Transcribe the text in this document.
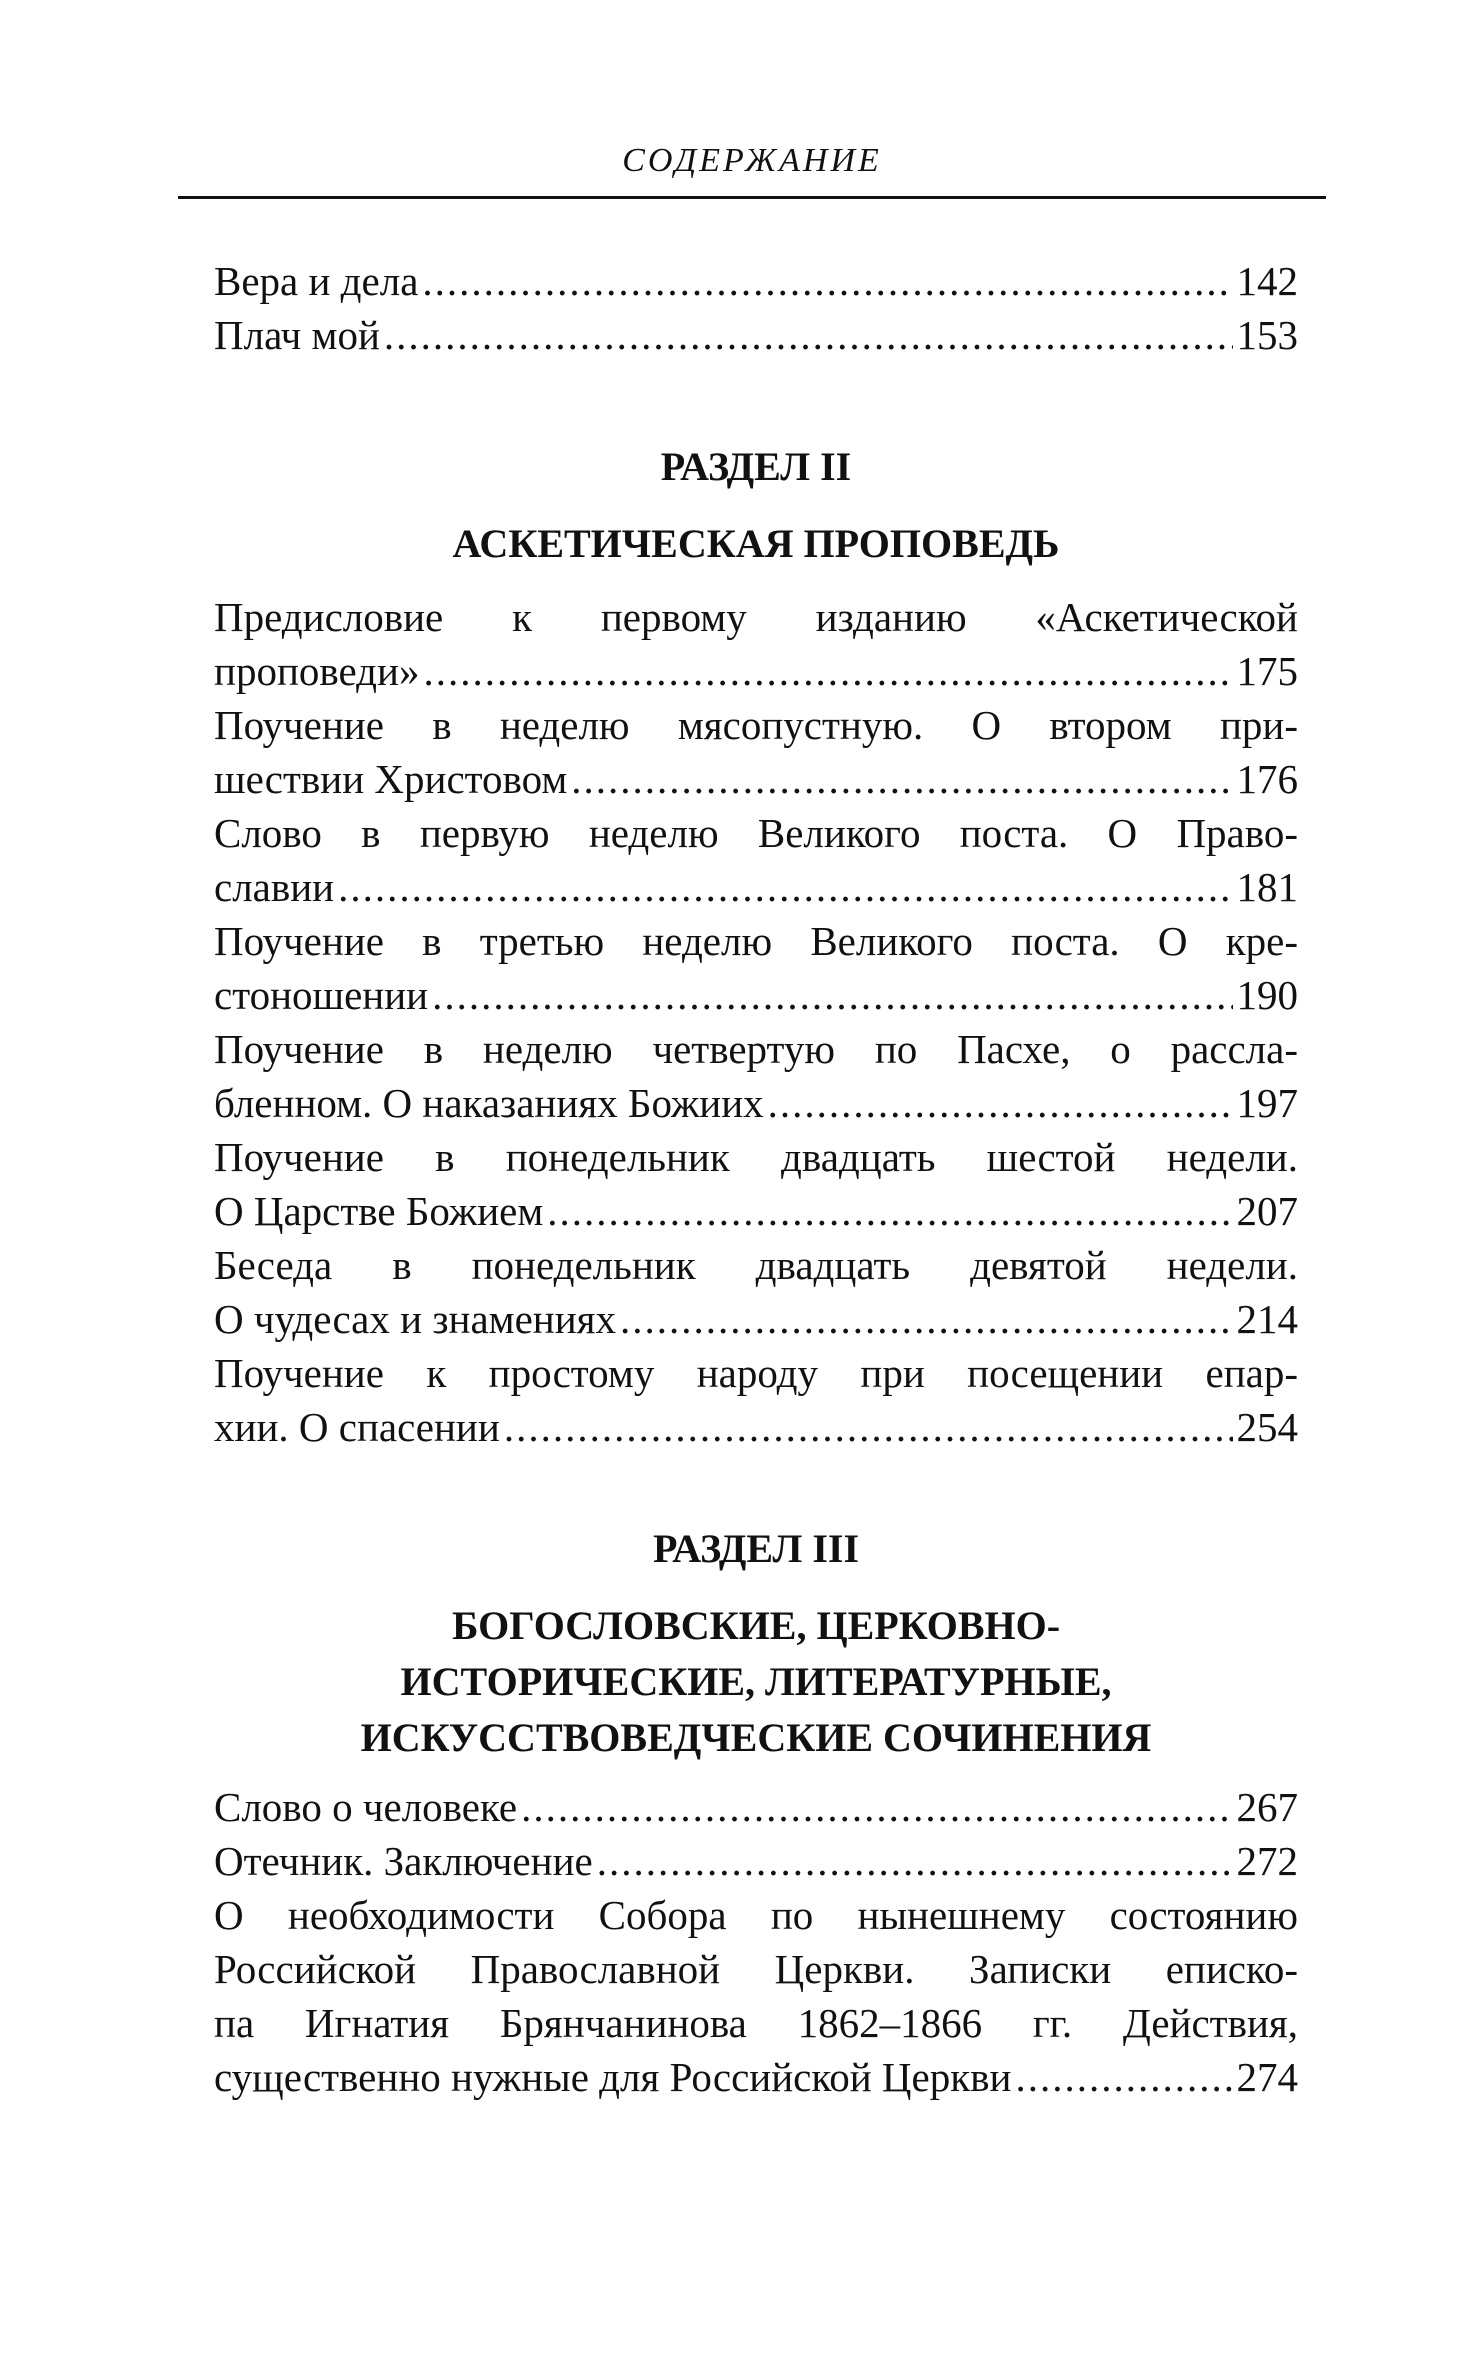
СОДЕРЖАНИЕ
Вера и дела .....	142
Плач мой .....	153
РАЗДЕЛ II
АСКЕТИЧЕСКАЯ ПРОПОВЕДЬ
Предисловие к первому изданию «Аскетической
проповеди» .....	175
Поучение в неделю мясопустную. О втором при-
шествии Христовом .....	176
Слово в первую неделю Великого поста. О Право-
славии .....	181
Поучение в третью неделю Великого поста. О кре-
стоношении .....	190
Поучение в неделю четвертую по Пасхе, о рассла-
бленном. О наказаниях Божиих .....	197
Поучение в понедельник двадцать шестой недели.
О Царстве Божием .....	207
Беседа в понедельник двадцать девятой недели.
О чудесах и знамениях .....	214
Поучение к простому народу при посещении епар-
хии. О спасении .....	254
РАЗДЕЛ III
БОГОСЛОВСКИЕ, ЦЕРКОВНО-
ИСТОРИЧЕСКИЕ, ЛИТЕРАТУРНЫЕ,
ИСКУССТВОВЕДЧЕСКИЕ СОЧИНЕНИЯ
Слово о человеке .....	267
Отечник. Заключение .....	272
О необходимости Собора по нынешнему состоянию
Российской Православной Церкви. Записки еписко-
па Игнатия Брянчанинова 1862–1866 гг. Действия,
существенно нужные для Российской Церкви .....	274
